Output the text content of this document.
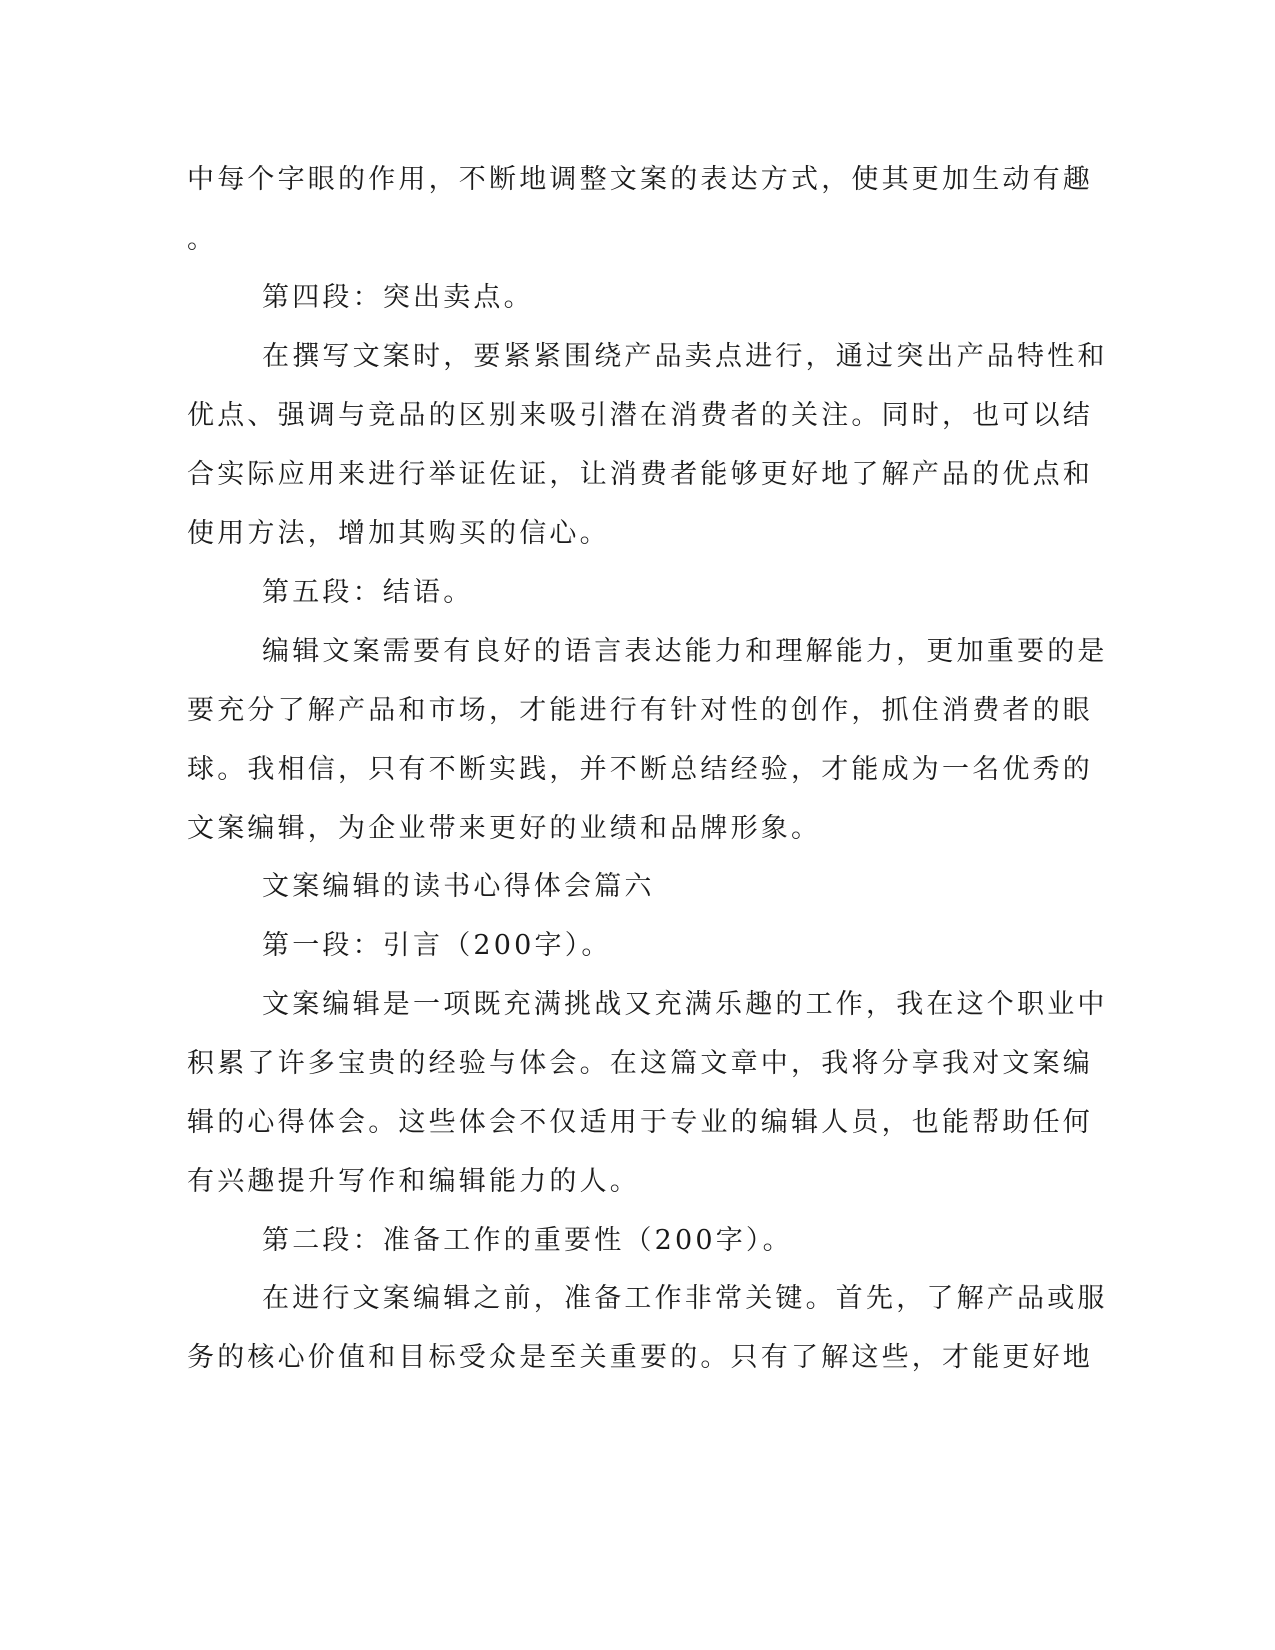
中每个字眼的作用，不断地调整文案的表达方式，使其更加生动有趣
。
第四段：突出卖点。
在撰写文案时，要紧紧围绕产品卖点进行，通过突出产品特性和
优点、强调与竞品的区别来吸引潜在消费者的关注。同时，也可以结
合实际应用来进行举证佐证，让消费者能够更好地了解产品的优点和
使用方法，增加其购买的信心。
第五段：结语。
编辑文案需要有良好的语言表达能力和理解能力，更加重要的是
要充分了解产品和市场，才能进行有针对性的创作，抓住消费者的眼
球。我相信，只有不断实践，并不断总结经验，才能成为一名优秀的
文案编辑，为企业带来更好的业绩和品牌形象。
文案编辑的读书心得体会篇六
第一段：引言（200字）。
文案编辑是一项既充满挑战又充满乐趣的工作，我在这个职业中
积累了许多宝贵的经验与体会。在这篇文章中，我将分享我对文案编
辑的心得体会。这些体会不仅适用于专业的编辑人员，也能帮助任何
有兴趣提升写作和编辑能力的人。
第二段：准备工作的重要性（200字）。
在进行文案编辑之前，准备工作非常关键。首先，了解产品或服
务的核心价值和目标受众是至关重要的。只有了解这些，才能更好地
